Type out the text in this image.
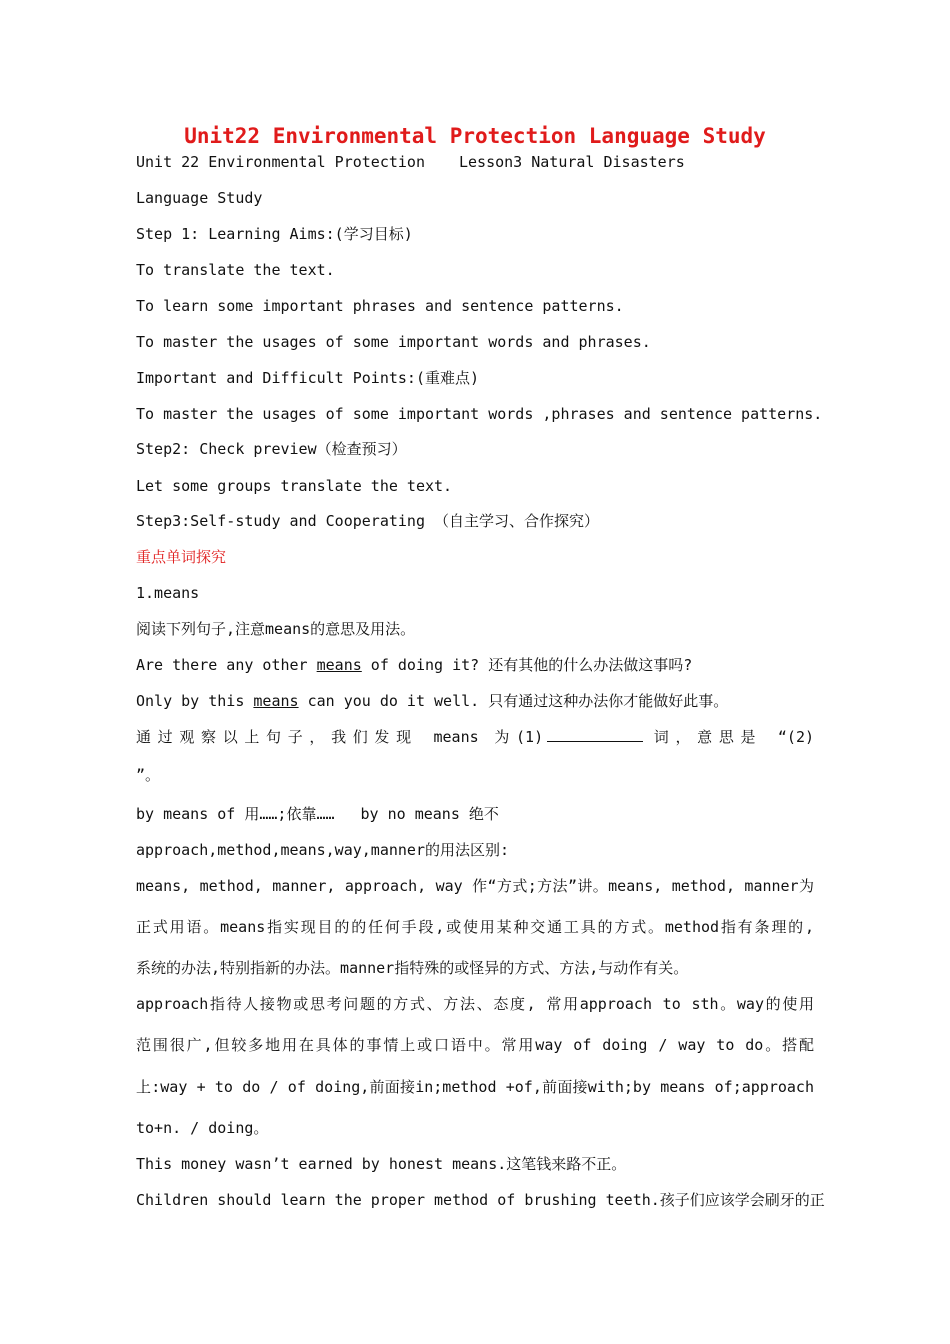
Unit22 Environmental Protection Language Study
Unit 22 Environmental Protection Lesson3 Natural Disasters
Language Study
Step 1: Learning Aims:(学习目标)
To translate the text.
To learn some important phrases and sentence patterns.
To master the usages of some important words and phrases.
Important and Difficult Points:(重难点)
To master the usages of some important words ,phrases and sentence patterns.
Step2: Check preview（检查预习）
Let some groups translate the text.
Step3:Self-study and Cooperating （自主学习、合作探究）
重点单词探究
1.means
阅读下列句子,注意means的意思及用法。
Are there any other means of doing it? 还有其他的什么办法做这事吗?
Only by this means can you do it well. 只有通过这种办法你才能做好此事。
通过观察以上句子，我们发现 means 为(1)	词，意思是 “(2)
”。
by means of 用……;依靠…… by no means 绝不
approach,method,means,way,manner的用法区别:
means, method, manner, approach, way 作“方式;方法”讲。means, method, manner为
正式用语。means指实现目的的任何手段,或使用某种交通工具的方式。method指有条理的,
系统的办法,特别指新的办法。manner指特殊的或怪异的方式、方法,与动作有关。
approach指待人接物或思考问题的方式、方法、态度, 常用approach to sth。way的使用
范围很广,但较多地用在具体的事情上或口语中。常用way of doing / way to do。搭配
上:way + to do / of doing,前面接in;method +of,前面接with;by means of;approach
to+n. / doing。
This money wasn’t earned by honest means.这笔钱来路不正。
Children should learn the proper method of brushing teeth.孩子们应该学会刷牙的正
